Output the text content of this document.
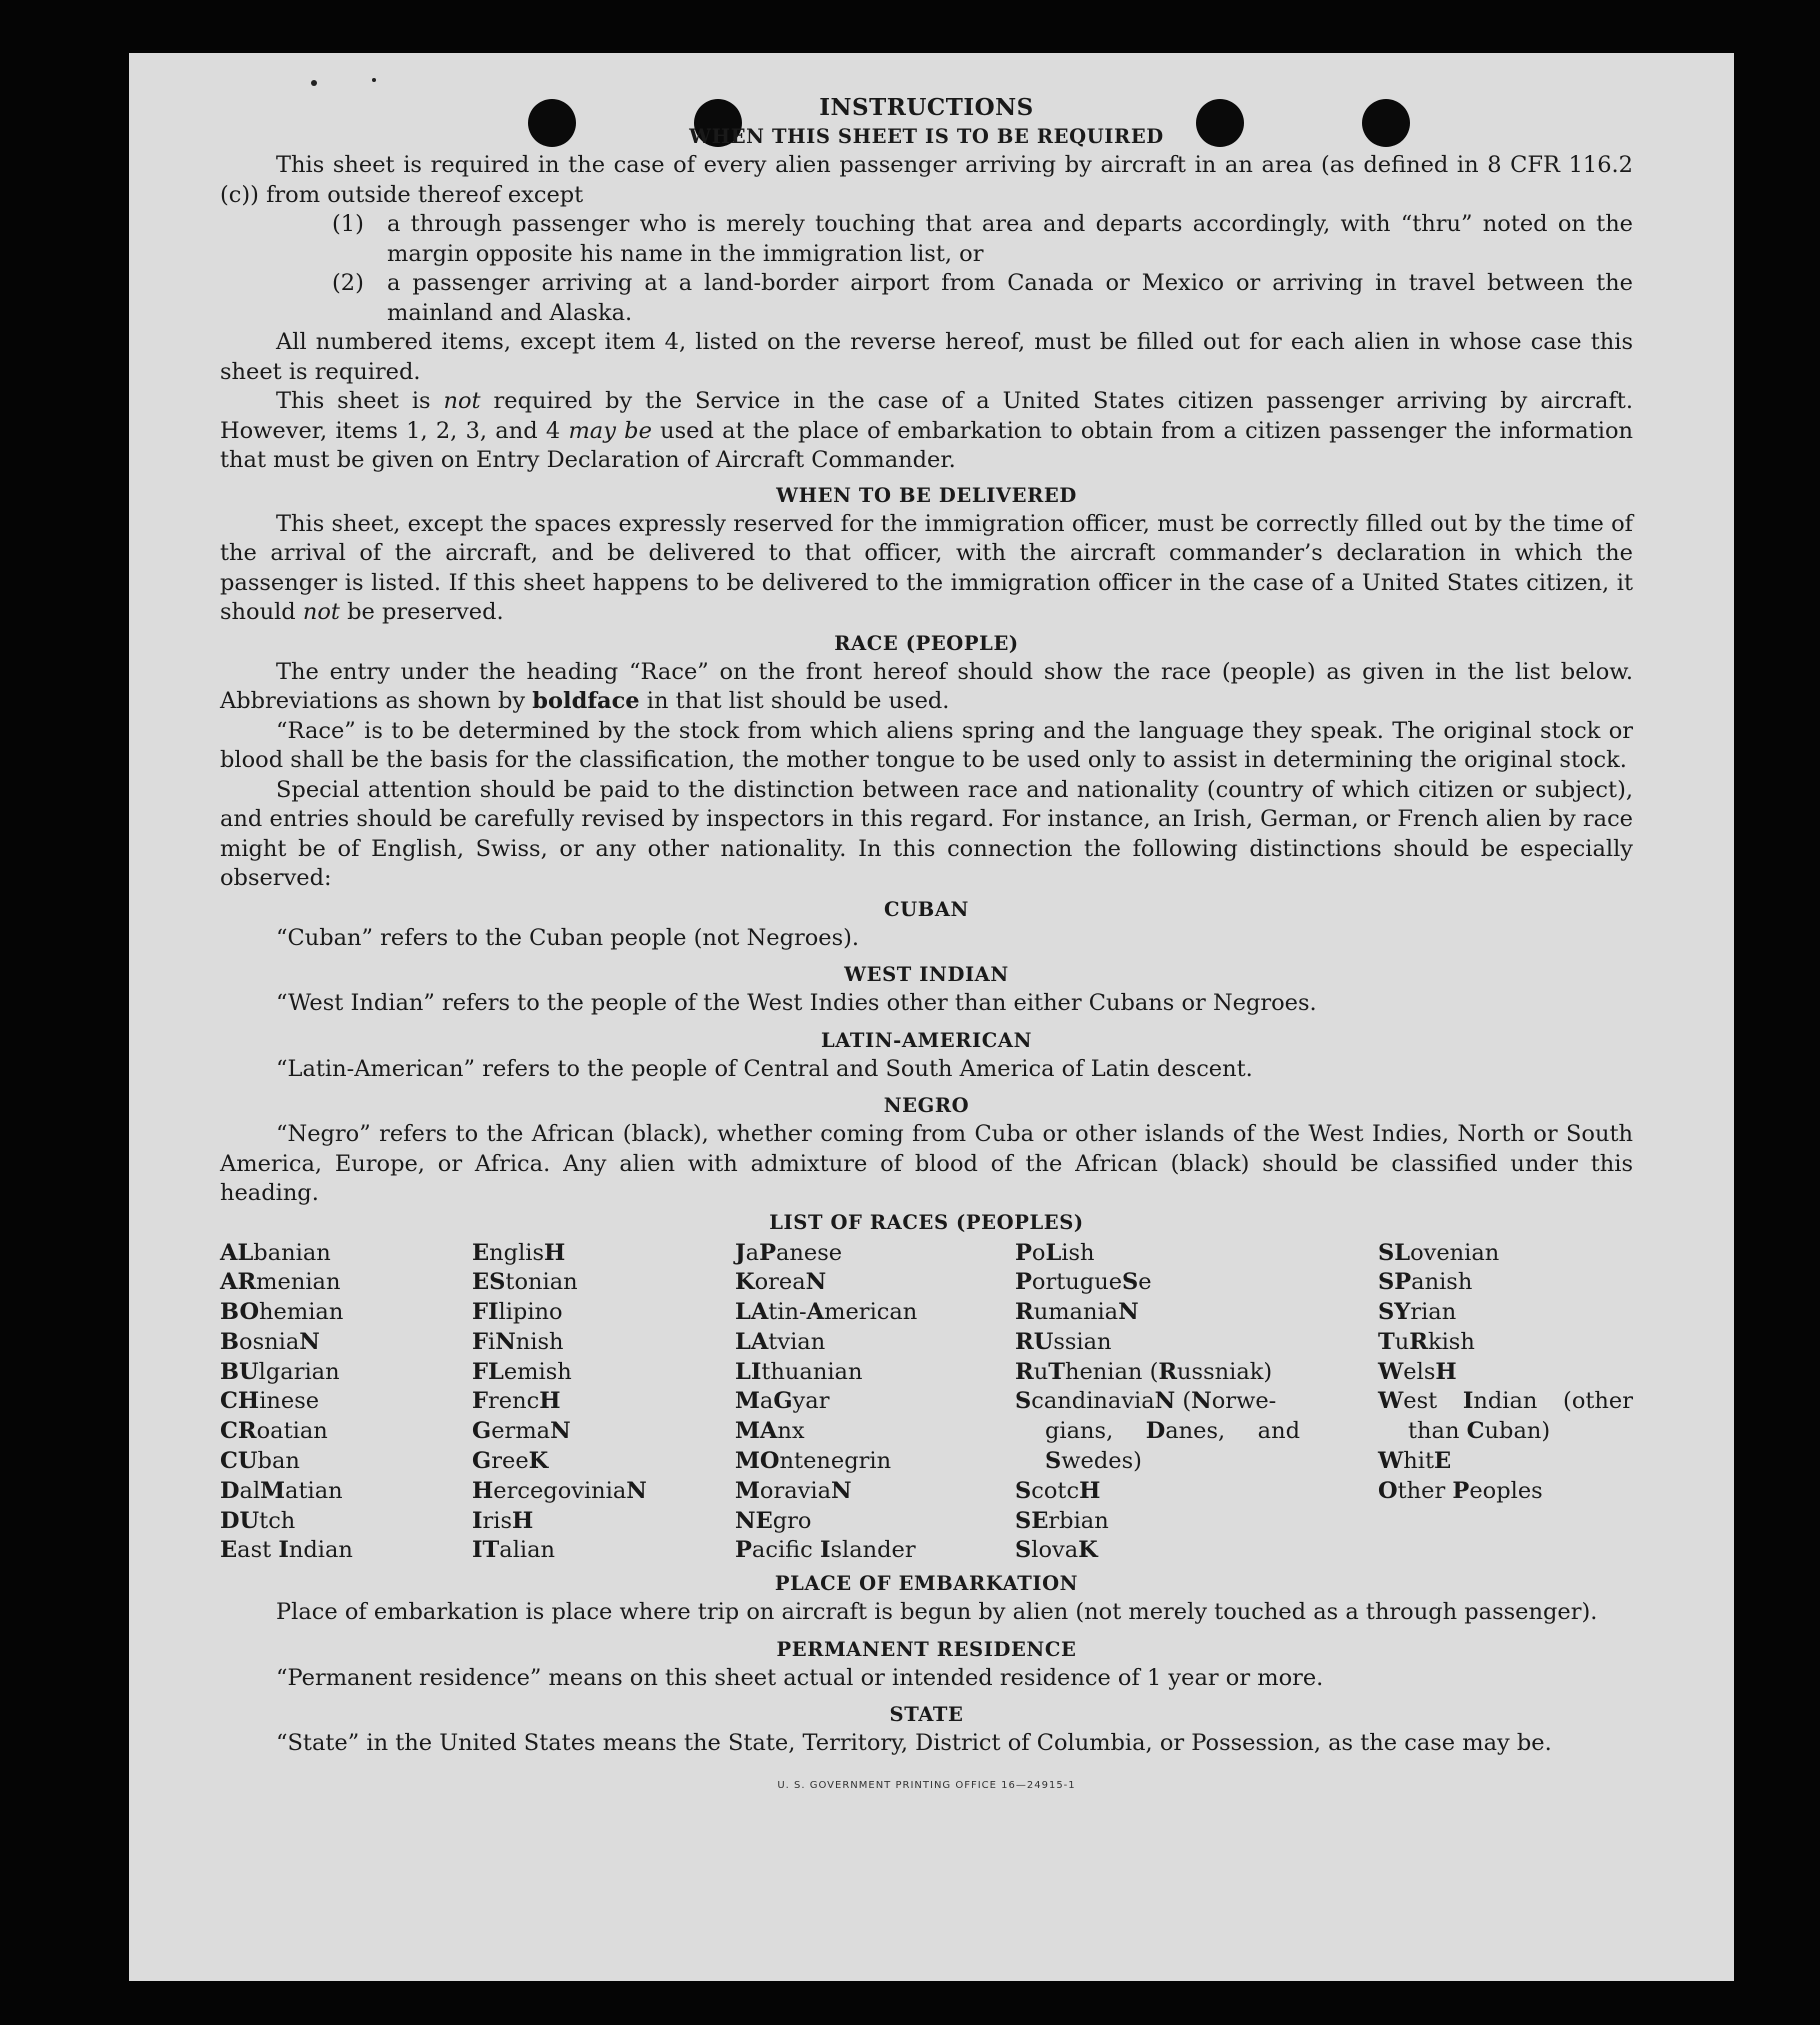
INSTRUCTIONS
WHEN THIS SHEET IS TO BE REQUIRED

This sheet is required in the case of every alien passenger arriving by aircraft in an area (as defined in 8 CFR 116.2 (c)) from outside thereof except

(1)	a through passenger who is merely touching that area and departs accordingly, with “thru” noted on the margin opposite his name in the immigration list, or
(2)	a passenger arriving at a land-border airport from Canada or Mexico or arriving in travel between the mainland and Alaska.

All numbered items, except item 4, listed on the reverse hereof, must be filled out for each alien in whose case this sheet is required.

This sheet is not required by the Service in the case of a United States citizen passenger arriving by aircraft. However, items 1, 2, 3, and 4 may be used at the place of embarkation to obtain from a citizen passenger the information that must be given on Entry Declaration of Aircraft Commander.

WHEN TO BE DELIVERED

This sheet, except the spaces expressly reserved for the immigration officer, must be correctly filled out by the time of the arrival of the aircraft, and be delivered to that officer, with the aircraft commander’s declaration in which the passenger is listed. If this sheet happens to be delivered to the immigration officer in the case of a United States citizen, it should not be preserved.

RACE (PEOPLE)

The entry under the heading “Race” on the front hereof should show the race (people) as given in the list below. Abbreviations as shown by boldface in that list should be used.

“Race” is to be determined by the stock from which aliens spring and the language they speak. The original stock or blood shall be the basis for the classification, the mother tongue to be used only to assist in determining the original stock.

Special attention should be paid to the distinction between race and nationality (country of which citizen or subject), and entries should be carefully revised by inspectors in this regard. For instance, an Irish, German, or French alien by race might be of English, Swiss, or any other nationality. In this connection the following distinctions should be especially observed:

CUBAN

“Cuban” refers to the Cuban people (not Negroes).

WEST INDIAN

“West Indian” refers to the people of the West Indies other than either Cubans or Negroes.

LATIN-AMERICAN

“Latin-American” refers to the people of Central and South America of Latin descent.

NEGRO

“Negro” refers to the African (black), whether coming from Cuba or other islands of the West Indies, North or South America, Europe, or Africa. Any alien with admixture of blood of the African (black) should be classified under this heading.

LIST OF RACES (PEOPLES)
ALbanian
ARmenian
BOhemian
BosniaN
BUlgarian
CHinese
CRoatian
CUban
DalMatian
DUtch
East Indian
EnglisH
EStonian
FIlipino
FiNnish
FLemish
FrencH
GermaN
GreeK
HercegoviniaN
IrisH
ITalian
JaPanese
KoreaN
LAtin-American
LAtvian
LIthuanian
MaGyar
MAnx
MOntenegrin
MoraviaN
NEgro
Pacifc Islander
PoLish
PortugueSe
RumaniaN
RUssian
RuThenian (Russniak)
ScandinaviaN (Norwe-
gians, Danes, and
Swedes)
ScotcH
SErbian
SlovaK
SLovenian
SPanish
SYrian
TuRkish
WelsH
West Indian (other
than Cuban)
WhitE
Other Peoples
PLACE OF EMBARKATION

Place of embarkation is place where trip on aircraft is begun by alien (not merely touched as a through passenger).

PERMANENT RESIDENCE

“Permanent residence” means on this sheet actual or intended residence of 1 year or more.

STATE

“State” in the United States means the State, Territory, District of Columbia, or Possession, as the case may be.

U. S. GOVERNMENT PRINTING OFFICE 16—24915-1
